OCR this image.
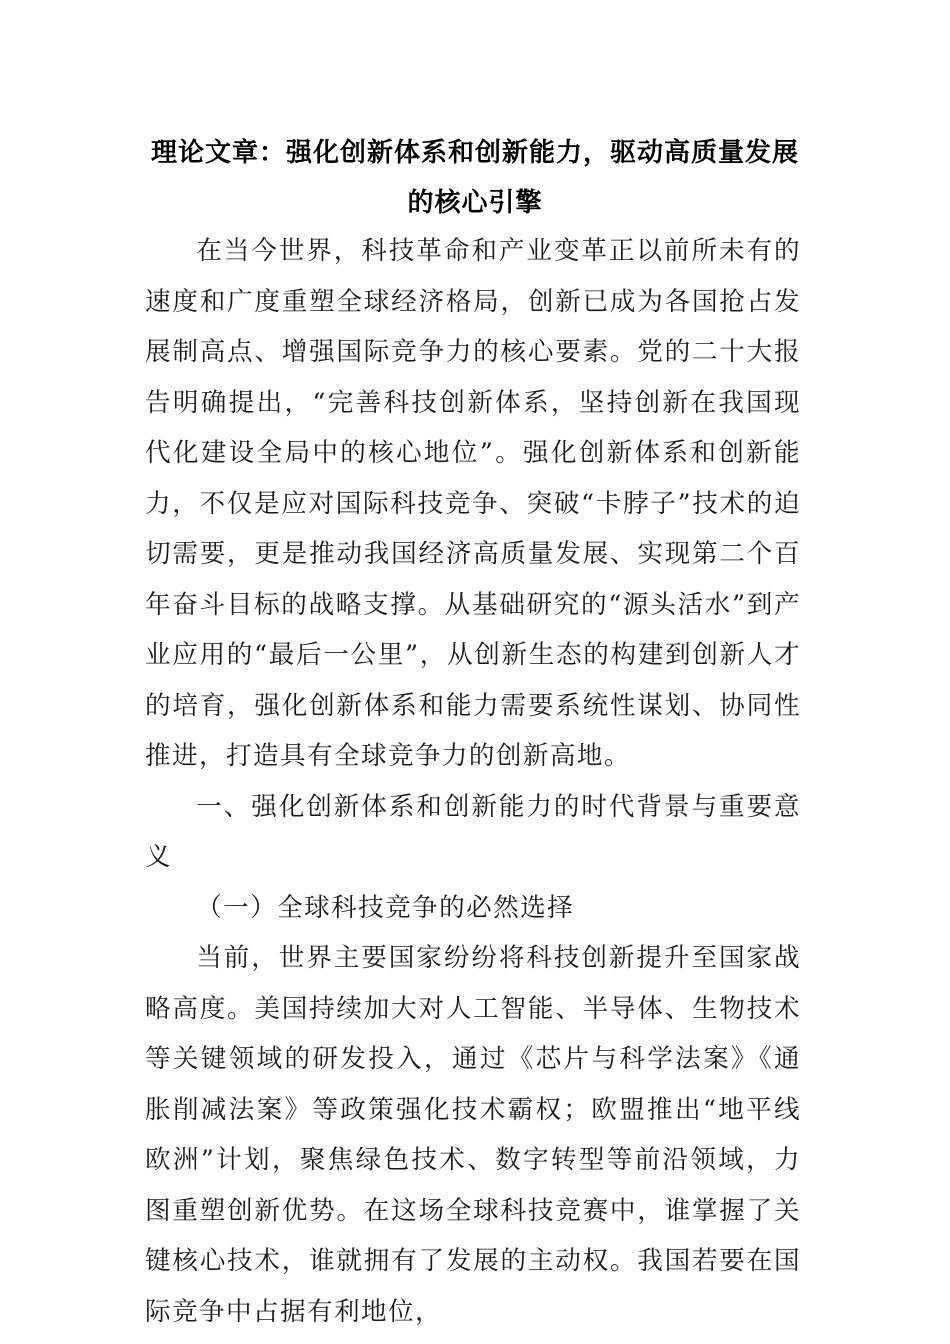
理论文章：强化创新体系和创新能力，驱动高质量发展的核心引擎

在当今世界，科技革命和产业变革正以前所未有的速度和广度重塑全球经济格局，创新已成为各国抢占发展制高点、增强国际竞争力的核心要素。党的二十大报告明确提出，“完善科技创新体系，坚持创新在我国现代化建设全局中的核心地位”。强化创新体系和创新能力，不仅是应对国际科技竞争、突破“卡脖子”技术的迫切需要，更是推动我国经济高质量发展、实现第二个百年奋斗目标的战略支撑。从基础研究的“源头活水”到产业应用的“最后一公里”，从创新生态的构建到创新人才的培育，强化创新体系和能力需要系统性谋划、协同性推进，打造具有全球竞争力的创新高地。

一、强化创新体系和创新能力的时代背景与重要意义

（一）全球科技竞争的必然选择

当前，世界主要国家纷纷将科技创新提升至国家战略高度。美国持续加大对人工智能、半导体、生物技术等关键领域的研发投入，通过《芯片与科学法案》《通胀削减法案》等政策强化技术霸权；欧盟推出“地平线欧洲”计划，聚焦绿色技术、数字转型等前沿领域，力图重塑创新优势。在这场全球科技竞赛中，谁掌握了关键核心技术，谁就拥有了发展的主动权。我国若要在国际竞争中占据有利地位，
